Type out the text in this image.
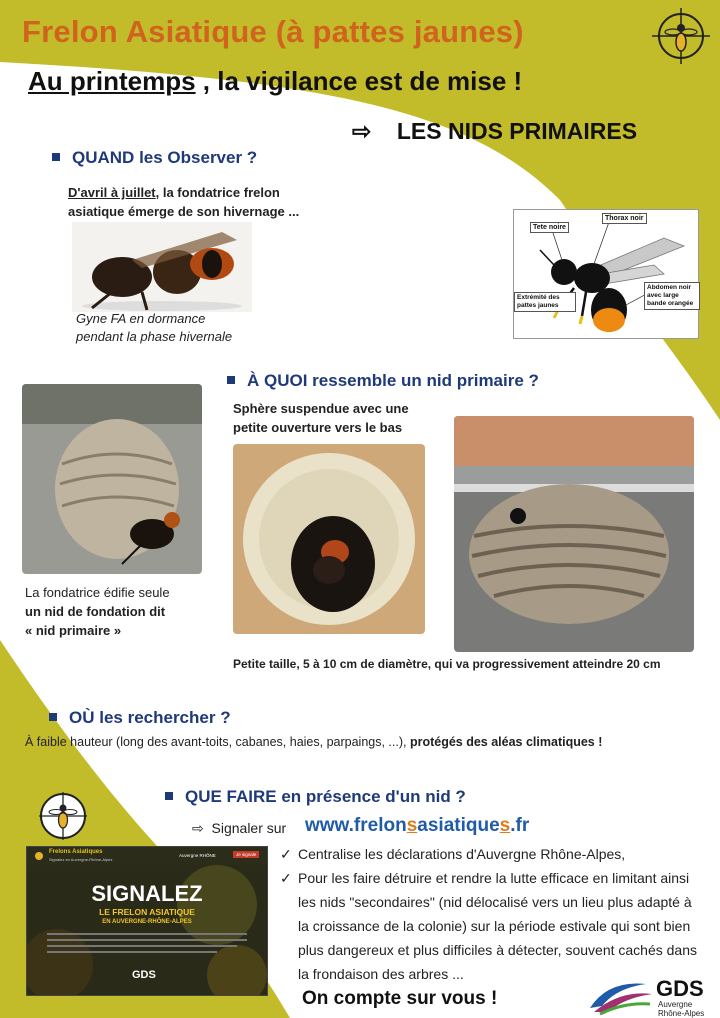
Frelon Asiatique (à pattes jaunes)
Au printemps , la vigilance est de mise !
⇨ LES NIDS PRIMAIRES
QUAND les Observer ?
D'avril à juillet, la fondatrice frelon asiatique émerge de son hivernage ...
Gyne FA en dormance
pendant la phase hivernale
Tete noire
Thorax noir
Extrémité des pattes jaunes
Abdomen noir avec large bande orangée
À QUOI ressemble un nid primaire ?
Sphère suspendue avec une petite ouverture vers le bas
La fondatrice édifie seule
un nid de fondation dit
« nid primaire »
Petite taille, 5 à 10 cm de diamètre, qui va progressivement atteindre 20 cm
OÙ les rechercher ?
À faible hauteur (long des avant-toits, cabanes, haies, parpaings, ...), protégés des aléas climatiques !
QUE FAIRE en présence d'un nid ?
⇨ Signaler sur www.frelonsasiatiques.fr
Frelons Asiatiques
Signalez en Auvergne-Rhône-Alpes
Auvergne RHÔNE	Je signale
SIGNALEZ
LE FRELON ASIATIQUE
EN AUVERGNE-RHÔNE-ALPES
GDS
✓ Centralise les déclarations d'Auvergne Rhône-Alpes,
✓ Pour les faire détruire et rendre la lutte efficace en limitant ainsi les nids "secondaires" (nid délocalisé vers un lieu plus adapté à la croissance de la colonie) sur la période estivale qui sont bien plus dangereux et plus difficiles à détecter, souvent cachés dans la frondaison des arbres ...
On compte sur vous !	GDS
Auvergne
Rhône-Alpes
